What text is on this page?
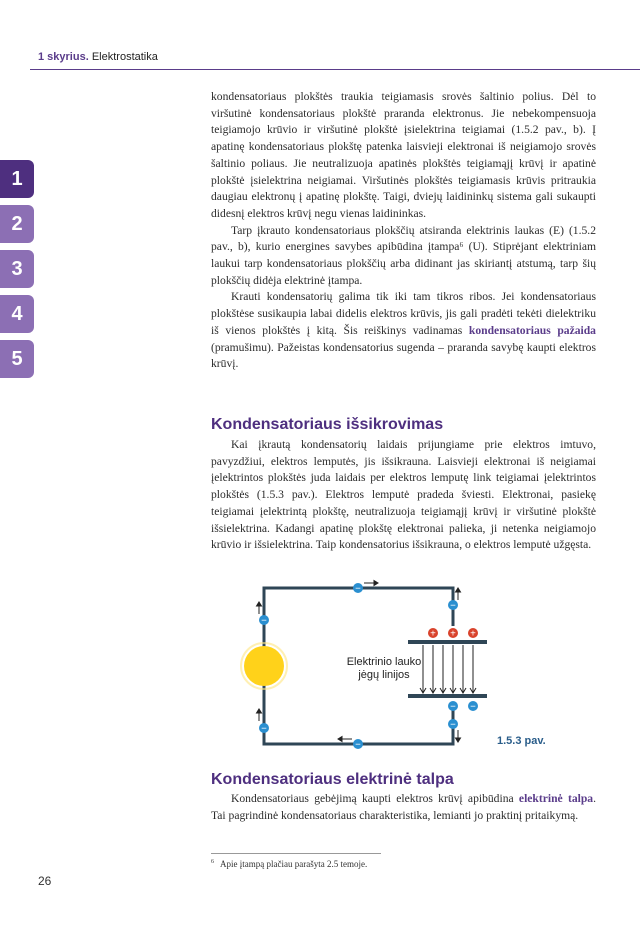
1 skyrius. Elektrostatika
1
2
3
4
5

kondensatoriaus plokštės traukia teigiamasis srovės šaltinio polius. Dėl to viršutinė kondensatoriaus plokštė praranda elektronus. Jie nebekompensuoja teigiamojo krūvio ir viršutinė plokštė įsielektrina teigiamai (1.5.2 pav., b). Į apatinę kondensatoriaus plokštę patenka laisvieji elektronai iš neigiamojo srovės šaltinio poliaus. Jie neutralizuoja apatinės plokštės teigiamąjį krūvį ir apatinė plokštė įsielektrina neigiamai. Viršutinės plokštės teigiamasis krūvis pritraukia daugiau elektronų į apatinę plokštę. Taigi, dviejų laidininkų sistema gali sukaupti didesnį elektros krūvį negu vienas laidininkas.

Tarp įkrauto kondensatoriaus plokščių atsiranda elektrinis laukas (E) (1.5.2 pav., b), kurio energines savybes apibūdina įtampa⁶ (U). Stiprėjant elektriniam laukui tarp kondensatoriaus plokščių arba didinant jas skiriantį atstumą, tarp šių plokščių didėja elektrinė įtampa.

Krauti kondensatorių galima tik iki tam tikros ribos. Jei kondensatoriaus plokštėse susikaupia labai didelis elektros krūvis, jis gali pradėti tekėti dielektriku iš vienos plokštės į kitą. Šis reiškinys vadinamas kondensatoriaus pažaida (pramušimu). Pažeistas kondensatorius sugenda – praranda savybę kaupti elektros krūvį.

Kondensatoriaus išsikrovimas

Kai įkrautą kondensatorių laidais prijungiame prie elektros imtuvo, pavyzdžiui, elektros lemputės, jis išsikrauna. Laisvieji elektronai iš neigiamai įelektrintos plokštės juda laidais per elektros lemputę link teigiamai įelektrintos plokštės (1.5.3 pav.). Elektros lemputė pradeda šviesti. Elektronai, pasiekę teigiamai įelektrintą plokštę, neutralizuoja teigiamąjį krūvį ir viršutinė plokštė išsielektrina. Kadangi apatinę plokštę elektronai palieka, ji netenka neigiamojo krūvio ir išsielektrina. Taip kondensatorius išsikrauna, o elektros lemputė užgęsta.

+ + +
−
−
−
−
−
−
−
−
Elektrinio lauko
jėgų linijos
1.5.3 pav.
Kondensatoriaus elektrinė talpa

Kondensatoriaus gebėjimą kaupti elektros krūvį apibūdina elektrinė talpa. Tai pagrindinė kondensatoriaus charakteristika, lemianti jo praktinį pritaikymą.

$^6$ Apie įtampą plačiau parašyta 2.5 temoje.
26
